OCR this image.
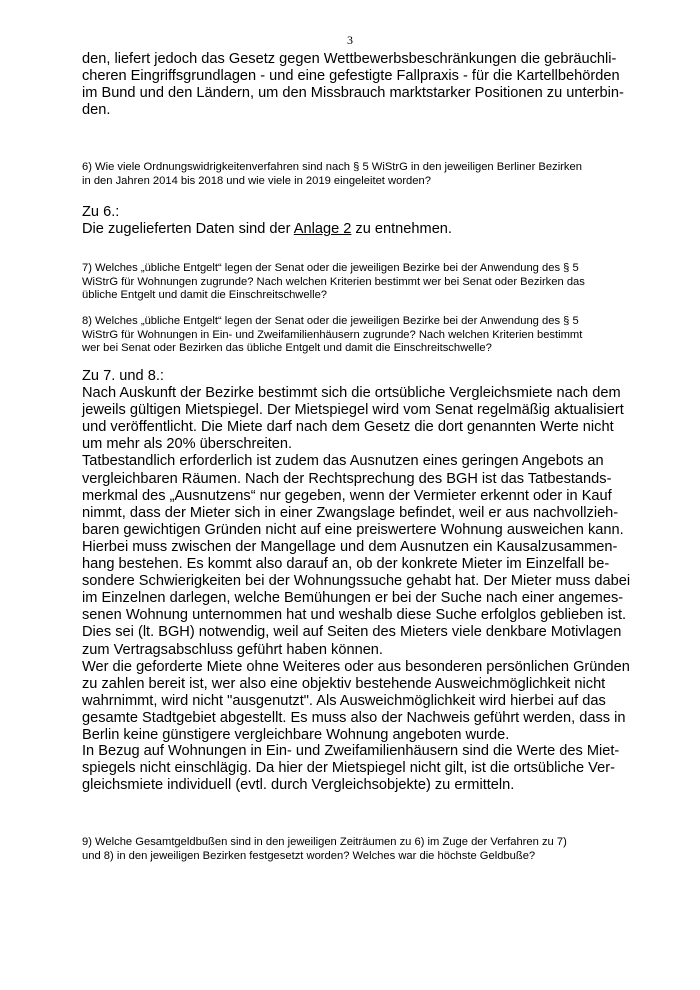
3
den, liefert jedoch das Gesetz gegen Wettbewerbsbeschränkungen die gebräuchli-
cheren Eingriffsgrundlagen - und eine gefestigte Fallpraxis - für die Kartellbehörden
im Bund und den Ländern, um den Missbrauch marktstarker Positionen zu unterbin-
den.
6) Wie viele Ordnungswidrigkeitenverfahren sind nach § 5 WiStrG in den jeweiligen Berliner Bezirken
in den Jahren 2014 bis 2018 und wie viele in 2019 eingeleitet worden?
Zu 6.:
Die zugelieferten Daten sind der Anlage 2 zu entnehmen.
7) Welches „übliche Entgelt“ legen der Senat oder die jeweiligen Bezirke bei der Anwendung des § 5
WiStrG für Wohnungen zugrunde? Nach welchen Kriterien bestimmt wer bei Senat oder Bezirken das
übliche Entgelt und damit die Einschreitschwelle?
8) Welches „übliche Entgelt“ legen der Senat oder die jeweiligen Bezirke bei der Anwendung des § 5
WiStrG für Wohnungen in Ein- und Zweifamilienhäusern zugrunde? Nach welchen Kriterien bestimmt
wer bei Senat oder Bezirken das übliche Entgelt und damit die Einschreitschwelle?
Zu 7. und 8.:
Nach Auskunft der Bezirke bestimmt sich die ortsübliche Vergleichsmiete nach dem
jeweils gültigen Mietspiegel. Der Mietspiegel wird vom Senat regelmäßig aktualisiert
und veröffentlicht. Die Miete darf nach dem Gesetz die dort genannten Werte nicht
um mehr als 20% überschreiten.
Tatbestandlich erforderlich ist zudem das Ausnutzen eines geringen Angebots an
vergleichbaren Räumen. Nach der Rechtsprechung des BGH ist das Tatbestands-
merkmal des „Ausnutzens“ nur gegeben, wenn der Vermieter erkennt oder in Kauf
nimmt, dass der Mieter sich in einer Zwangslage befindet, weil er aus nachvollzieh-
baren gewichtigen Gründen nicht auf eine preiswertere Wohnung ausweichen kann.
Hierbei muss zwischen der Mangellage und dem Ausnutzen ein Kausalzusammen-
hang bestehen. Es kommt also darauf an, ob der konkrete Mieter im Einzelfall be-
sondere Schwierigkeiten bei der Wohnungssuche gehabt hat. Der Mieter muss dabei
im Einzelnen darlegen, welche Bemühungen er bei der Suche nach einer angemes-
senen Wohnung unternommen hat und weshalb diese Suche erfolglos geblieben ist.
Dies sei (lt. BGH) notwendig, weil auf Seiten des Mieters viele denkbare Motivlagen
zum Vertragsabschluss geführt haben können.
Wer die geforderte Miete ohne Weiteres oder aus besonderen persönlichen Gründen
zu zahlen bereit ist, wer also eine objektiv bestehende Ausweichmöglichkeit nicht
wahrnimmt, wird nicht "ausgenutzt". Als Ausweichmöglichkeit wird hierbei auf das
gesamte Stadtgebiet abgestellt. Es muss also der Nachweis geführt werden, dass in
Berlin keine günstigere vergleichbare Wohnung angeboten wurde.
In Bezug auf Wohnungen in Ein- und Zweifamilienhäusern sind die Werte des Miet-
spiegels nicht einschlägig. Da hier der Mietspiegel nicht gilt, ist die ortsübliche Ver-
gleichsmiete individuell (evtl. durch Vergleichsobjekte) zu ermitteln.
9) Welche Gesamtgeldbußen sind in den jeweiligen Zeiträumen zu 6) im Zuge der Verfahren zu 7)
und 8) in den jeweiligen Bezirken festgesetzt worden? Welches war die höchste Geldbuße?
